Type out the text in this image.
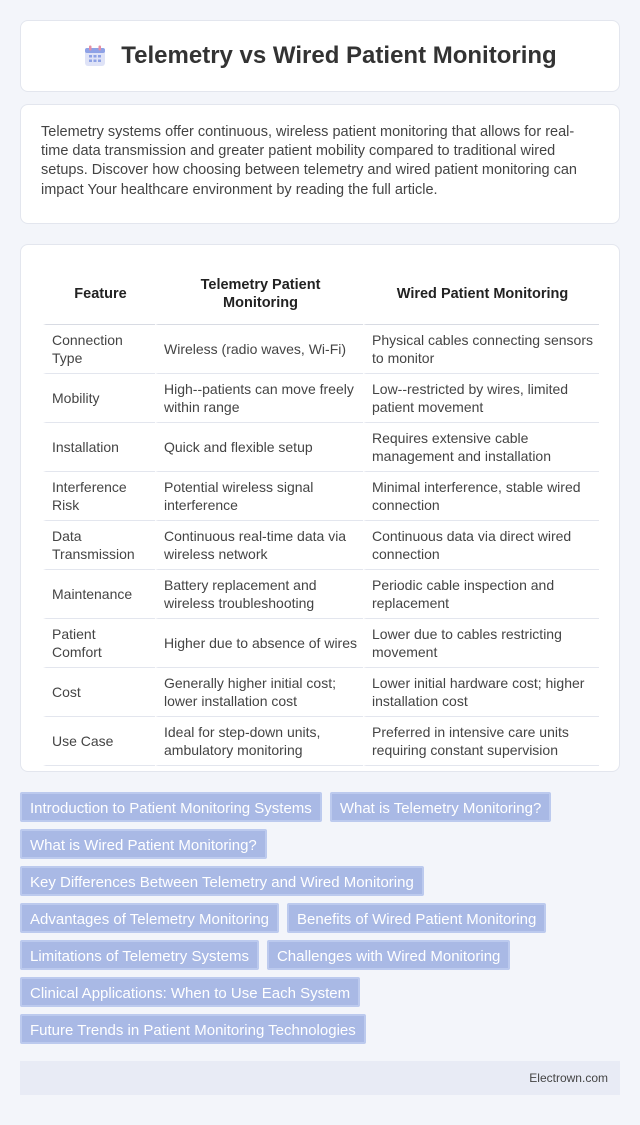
Telemetry vs Wired Patient Monitoring

Telemetry systems offer continuous, wireless patient monitoring that allows for real-time data transmission and greater patient mobility compared to traditional wired setups. Discover how choosing between telemetry and wired patient monitoring can impact Your healthcare environment by reading the full article.

Feature	Telemetry Patient Monitoring	Wired Patient Monitoring
Connection Type	Wireless (radio waves, Wi-Fi)	Physical cables connecting sensors to monitor
Mobility	High--patients can move freely within range	Low--restricted by wires, limited patient movement
Installation	Quick and flexible setup	Requires extensive cable management and installation
Interference Risk	Potential wireless signal interference	Minimal interference, stable wired connection
Data Transmission	Continuous real-time data via wireless network	Continuous data via direct wired connection
Maintenance	Battery replacement and wireless troubleshooting	Periodic cable inspection and replacement
Patient Comfort	Higher due to absence of wires	Lower due to cables restricting movement
Cost	Generally higher initial cost; lower installation cost	Lower initial hardware cost; higher installation cost
Use Case	Ideal for step-down units, ambulatory monitoring	Preferred in intensive care units requiring constant supervision
Introduction to Patient Monitoring Systems	What is Telemetry Monitoring?
What is Wired Patient Monitoring?
Key Differences Between Telemetry and Wired Monitoring
Advantages of Telemetry Monitoring	Benefits of Wired Patient Monitoring
Limitations of Telemetry Systems	Challenges with Wired Monitoring
Clinical Applications: When to Use Each System
Future Trends in Patient Monitoring Technologies
Electrown.com
